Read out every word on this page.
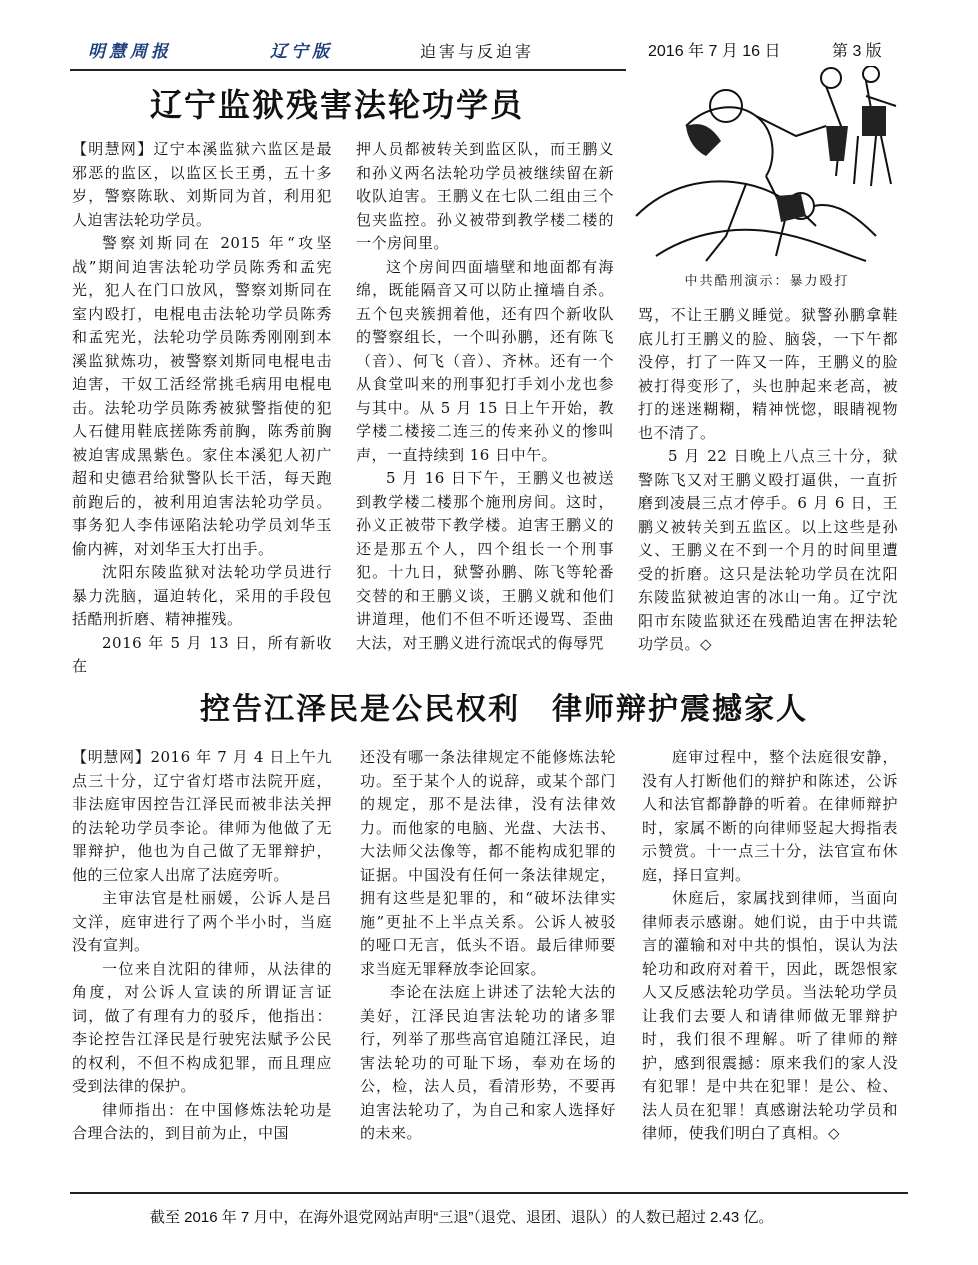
明慧周报	辽宁版	迫害与反迫害	2016 年 7 月 16 日	第 3 版
辽宁监狱残害法轮功学员

【明慧网】辽宁本溪监狱六监区是最邪恶的监区，以监区长王勇，五十多岁，警察陈耿、刘斯同为首，利用犯人迫害法轮功学员。

警察刘斯同在 2015 年“攻坚战”期间迫害法轮功学员陈秀和孟宪光，犯人在门口放风，警察刘斯同在室内殴打，电棍电击法轮功学员陈秀和孟宪光，法轮功学员陈秀刚刚到本溪监狱炼功，被警察刘斯同电棍电击迫害，干奴工活经常挑毛病用电棍电击。法轮功学员陈秀被狱警指使的犯人石健用鞋底搓陈秀前胸，陈秀前胸被迫害成黑紫色。家住本溪犯人初广超和史德君给狱警队长干活，每天跑前跑后的，被利用迫害法轮功学员。事务犯人李伟诬陷法轮功学员刘华玉偷内裤，对刘华玉大打出手。

沈阳东陵监狱对法轮功学员进行暴力洗脑，逼迫转化，采用的手段包括酷刑折磨、精神摧残。

2016 年 5 月 13 日，所有新收在

押人员都被转关到监区队，而王鹏义和孙义两名法轮功学员被继续留在新收队迫害。王鹏义在七队二组由三个包夹监控。孙义被带到教学楼二楼的一个房间里。

这个房间四面墙壁和地面都有海绵，既能隔音又可以防止撞墙自杀。五个包夹簇拥着他，还有四个新收队的警察组长，一个叫孙鹏，还有陈飞（音）、何飞（音）、齐林。还有一个从食堂叫来的刑事犯打手刘小龙也参与其中。从 5 月 15 日上午开始，教学楼二楼接二连三的传来孙义的惨叫声，一直持续到 16 日中午。

5 月 16 日下午，王鹏义也被送到教学楼二楼那个施刑房间。这时，孙义正被带下教学楼。迫害王鹏义的还是那五个人，四个组长一个刑事犯。十九日，狱警孙鹏、陈飞等轮番交替的和王鹏义谈，王鹏义就和他们讲道理，他们不但不听还谩骂、歪曲大法，对王鹏义进行流氓式的侮辱咒

中共酷刑演示：暴力殴打

骂，不让王鹏义睡觉。狱警孙鹏拿鞋底儿打王鹏义的脸、脑袋，一下午都没停，打了一阵又一阵，王鹏义的脸被打得变形了，头也肿起来老高，被打的迷迷糊糊，精神恍惚，眼睛视物也不清了。

5 月 22 日晚上八点三十分，狱警陈飞又对王鹏义殴打逼供，一直折磨到凌晨三点才停手。6 月 6 日，王鹏义被转关到五监区。以上这些是孙义、王鹏义在不到一个月的时间里遭受的折磨。这只是法轮功学员在沈阳东陵监狱被迫害的冰山一角。辽宁沈阳市东陵监狱还在残酷迫害在押法轮功学员。◇

控告江泽民是公民权利　律师辩护震撼家人

【明慧网】2016 年 7 月 4 日上午九点三十分，辽宁省灯塔市法院开庭，非法庭审因控告江泽民而被非法关押的法轮功学员李论。律师为他做了无罪辩护，他也为自己做了无罪辩护，他的三位家人出席了法庭旁听。

主审法官是杜丽媛，公诉人是吕文洋，庭审进行了两个半小时，当庭没有宣判。

一位来自沈阳的律师，从法律的角度，对公诉人宣读的所谓证言证词，做了有理有力的驳斥，他指出：李论控告江泽民是行驶宪法赋予公民的权利，不但不构成犯罪，而且理应受到法律的保护。

律师指出：在中国修炼法轮功是合理合法的，到目前为止，中国

还没有哪一条法律规定不能修炼法轮功。至于某个人的说辞，或某个部门的规定，那不是法律，没有法律效力。而他家的电脑、光盘、大法书、大法师父法像等，都不能构成犯罪的证据。中国没有任何一条法律规定，拥有这些是犯罪的，和“破坏法律实施”更扯不上半点关系。公诉人被驳的哑口无言，低头不语。最后律师要求当庭无罪释放李论回家。

李论在法庭上讲述了法轮大法的美好，江泽民迫害法轮功的诸多罪行，列举了那些高官追随江泽民，迫害法轮功的可耻下场，奉劝在场的公，检，法人员，看清形势，不要再迫害法轮功了，为自己和家人选择好的未来。

庭审过程中，整个法庭很安静，没有人打断他们的辩护和陈述，公诉人和法官都静静的听着。在律师辩护时，家属不断的向律师竖起大拇指表示赞赏。十一点三十分，法官宣布休庭，择日宣判。

休庭后，家属找到律师，当面向律师表示感谢。她们说，由于中共谎言的灌输和对中共的惧怕，误认为法轮功和政府对着干，因此，既怨恨家人又反感法轮功学员。当法轮功学员让我们去要人和请律师做无罪辩护时，我们很不理解。听了律师的辩护，感到很震撼：原来我们的家人没有犯罪！是中共在犯罪！是公、检、法人员在犯罪！真感谢法轮功学员和律师，使我们明白了真相。◇

截至 2016 年 7 月中，在海外退党网站声明“三退”（退党、退团、退队）的人数已超过 2.43 亿。
